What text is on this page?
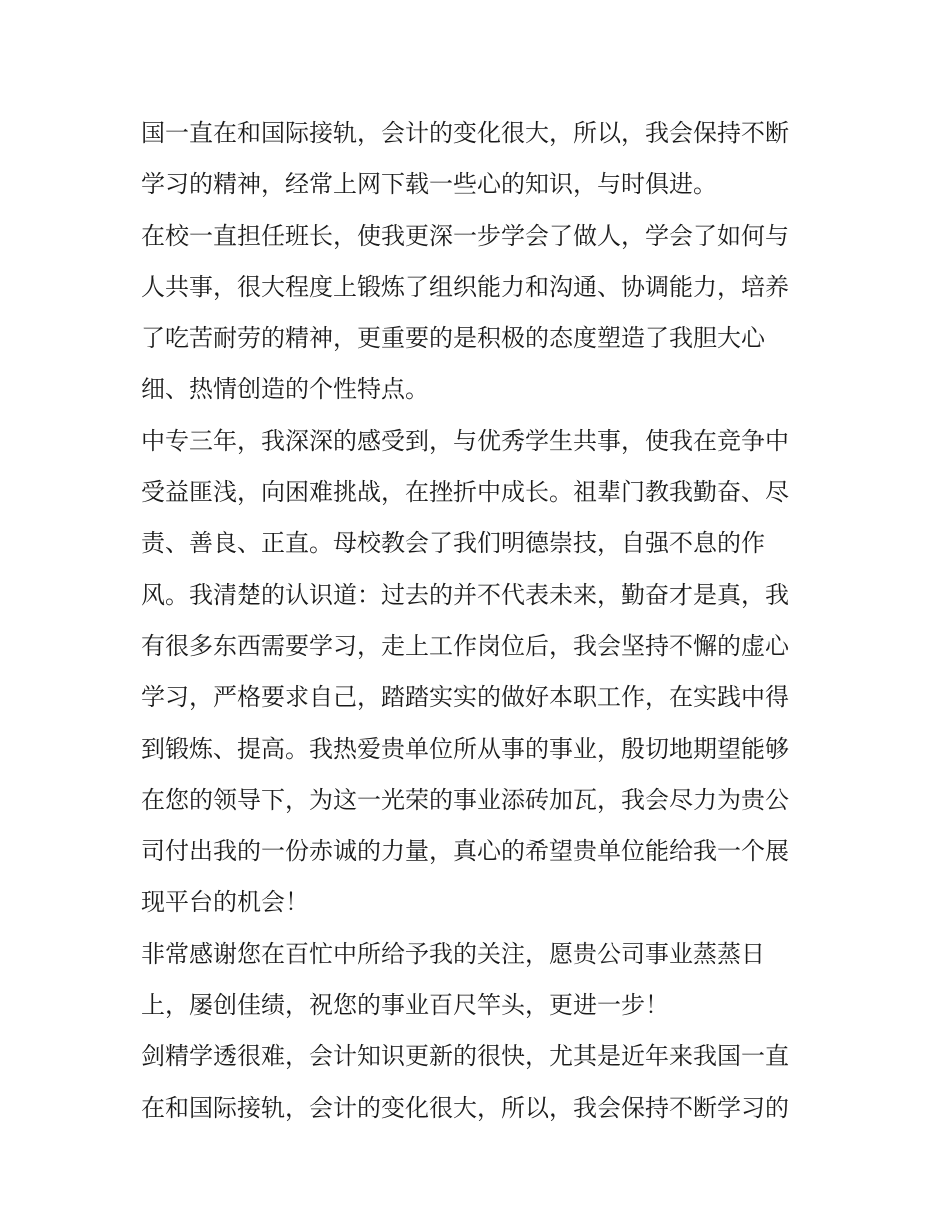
国一直在和国际接轨，会计的变化很大，所以，我会保持不断
学习的精神，经常上网下载一些心的知识，与时俱进。
在校一直担任班长，使我更深一步学会了做人，学会了如何与
人共事，很大程度上锻炼了组织能力和沟通、协调能力，培养
了吃苦耐劳的精神，更重要的是积极的态度塑造了我胆大心
细、热情创造的个性特点。
中专三年，我深深的感受到，与优秀学生共事，使我在竞争中
受益匪浅，向困难挑战，在挫折中成长。祖辈门教我勤奋、尽
责、善良、正直。母校教会了我们明德崇技，自强不息的作
风。我清楚的认识道：过去的并不代表未来，勤奋才是真，我
有很多东西需要学习，走上工作岗位后，我会坚持不懈的虚心
学习，严格要求自己，踏踏实实的做好本职工作，在实践中得
到锻炼、提高。我热爱贵单位所从事的事业，殷切地期望能够
在您的领导下，为这一光荣的事业添砖加瓦，我会尽力为贵公
司付出我的一份赤诚的力量，真心的希望贵单位能给我一个展
现平台的机会！
非常感谢您在百忙中所给予我的关注，愿贵公司事业蒸蒸日
上，屡创佳绩，祝您的事业百尺竿头，更进一步！
剑精学透很难，会计知识更新的很快，尤其是近年来我国一直
在和国际接轨，会计的变化很大，所以，我会保持不断学习的
